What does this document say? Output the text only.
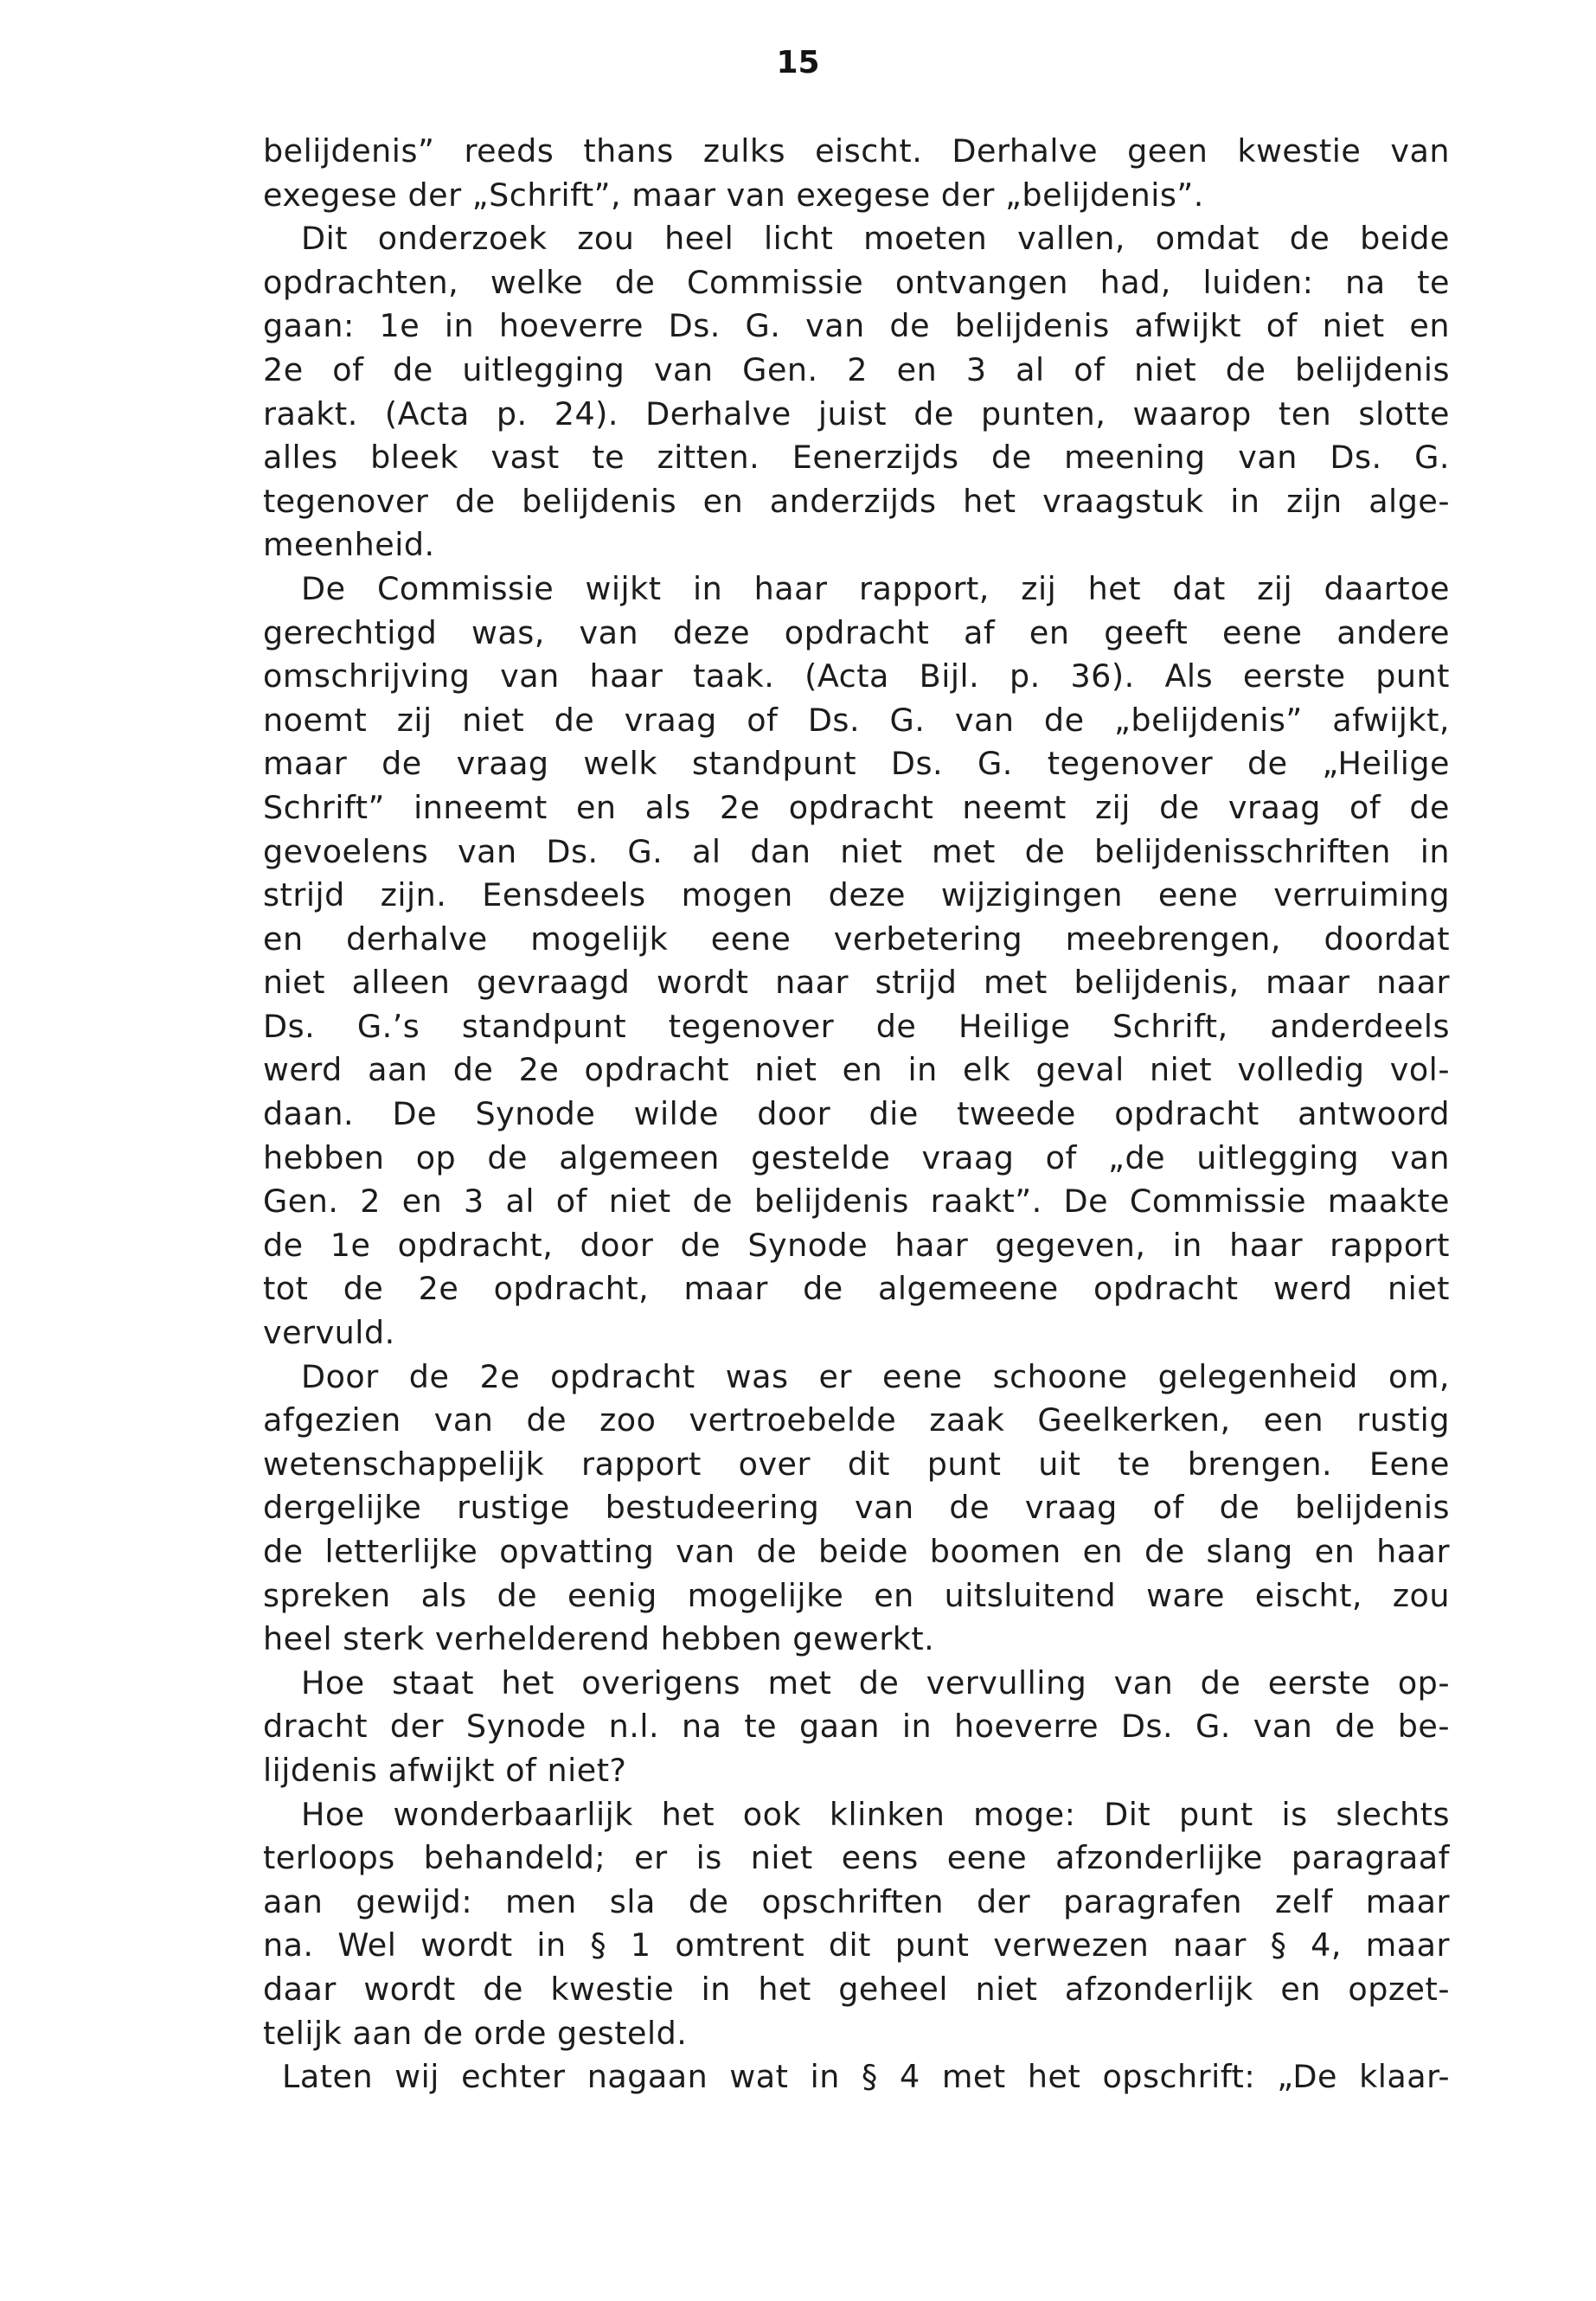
15
belijdenis” reeds thans zulks eischt. Derhalve geen kwestie van
exegese der „Schrift”, maar van exegese der „belijdenis”.
Dit onderzoek zou heel licht moeten vallen, omdat de beide
opdrachten, welke de Commissie ontvangen had, luiden: na te
gaan: 1e in hoeverre Ds. G. van de belijdenis afwijkt of niet en
2e of de uitlegging van Gen. 2 en 3 al of niet de belijdenis
raakt. (Acta p. 24). Derhalve juist de punten, waarop ten slotte
alles bleek vast te zitten. Eenerzijds de meening van Ds. G.
tegenover de belijdenis en anderzijds het vraagstuk in zijn alge-
meenheid.
De Commissie wijkt in haar rapport, zij het dat zij daartoe
gerechtigd was, van deze opdracht af en geeft eene andere
omschrijving van haar taak. (Acta Bijl. p. 36). Als eerste punt
noemt zij niet de vraag of Ds. G. van de „belijdenis” afwijkt,
maar de vraag welk standpunt Ds. G. tegenover de „Heilige
Schrift” inneemt en als 2e opdracht neemt zij de vraag of de
gevoelens van Ds. G. al dan niet met de belijdenisschriften in
strijd zijn. Eensdeels mogen deze wijzigingen eene verruiming
en derhalve mogelijk eene verbetering meebrengen, doordat
niet alleen gevraagd wordt naar strijd met belijdenis, maar naar
Ds. G.’s standpunt tegenover de Heilige Schrift, anderdeels
werd aan de 2e opdracht niet en in elk geval niet volledig vol-
daan. De Synode wilde door die tweede opdracht antwoord
hebben op de algemeen gestelde vraag of „de uitlegging van
Gen. 2 en 3 al of niet de belijdenis raakt”. De Commissie maakte
de 1e opdracht, door de Synode haar gegeven, in haar rapport
tot de 2e opdracht, maar de algemeene opdracht werd niet
vervuld.
Door de 2e opdracht was er eene schoone gelegenheid om,
afgezien van de zoo vertroebelde zaak Geelkerken, een rustig
wetenschappelijk rapport over dit punt uit te brengen. Eene
dergelijke rustige bestudeering van de vraag of de belijdenis
de letterlijke opvatting van de beide boomen en de slang en haar
spreken als de eenig mogelijke en uitsluitend ware eischt, zou
heel sterk verhelderend hebben gewerkt.
Hoe staat het overigens met de vervulling van de eerste op-
dracht der Synode n.l. na te gaan in hoeverre Ds. G. van de be-
lijdenis afwijkt of niet?
Hoe wonderbaarlijk het ook klinken moge: Dit punt is slechts
terloops behandeld; er is niet eens eene afzonderlijke paragraaf
aan gewijd: men sla de opschriften der paragrafen zelf maar
na. Wel wordt in § 1 omtrent dit punt verwezen naar § 4, maar
daar wordt de kwestie in het geheel niet afzonderlijk en opzet-
telijk aan de orde gesteld.
Laten wij echter nagaan wat in § 4 met het opschrift: „De klaar-
